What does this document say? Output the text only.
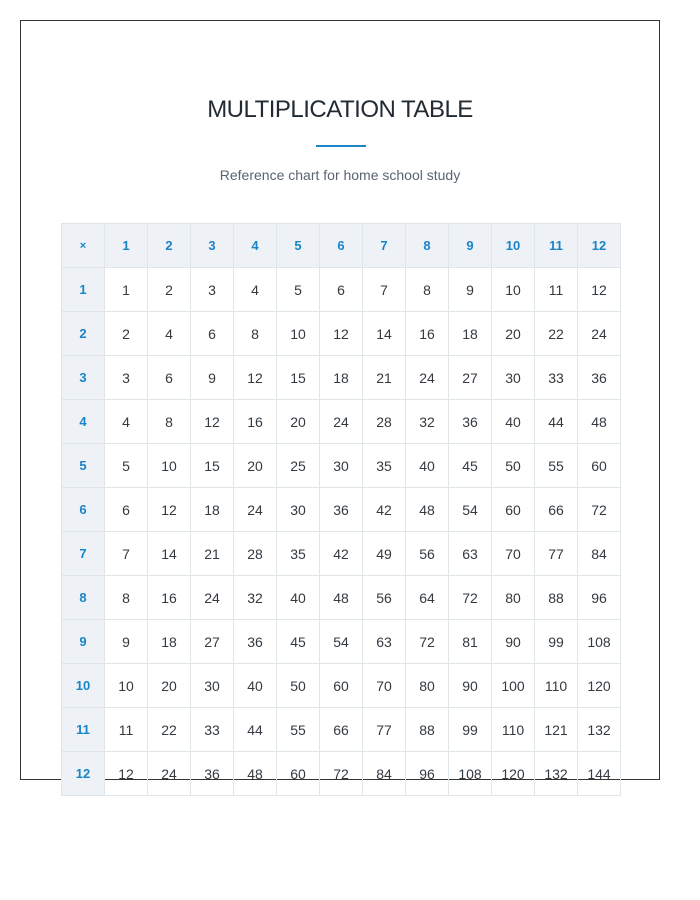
MULTIPLICATION TABLE
Reference chart for home school study
×	1	2	3	4	5	6	7	8	9	10	11	12
1	1	2	3	4	5	6	7	8	9	10	11	12
2	2	4	6	8	10	12	14	16	18	20	22	24
3	3	6	9	12	15	18	21	24	27	30	33	36
4	4	8	12	16	20	24	28	32	36	40	44	48
5	5	10	15	20	25	30	35	40	45	50	55	60
6	6	12	18	24	30	36	42	48	54	60	66	72
7	7	14	21	28	35	42	49	56	63	70	77	84
8	8	16	24	32	40	48	56	64	72	80	88	96
9	9	18	27	36	45	54	63	72	81	90	99	108
10	10	20	30	40	50	60	70	80	90	100	110	120
11	11	22	33	44	55	66	77	88	99	110	121	132
12	12	24	36	48	60	72	84	96	108	120	132	144
